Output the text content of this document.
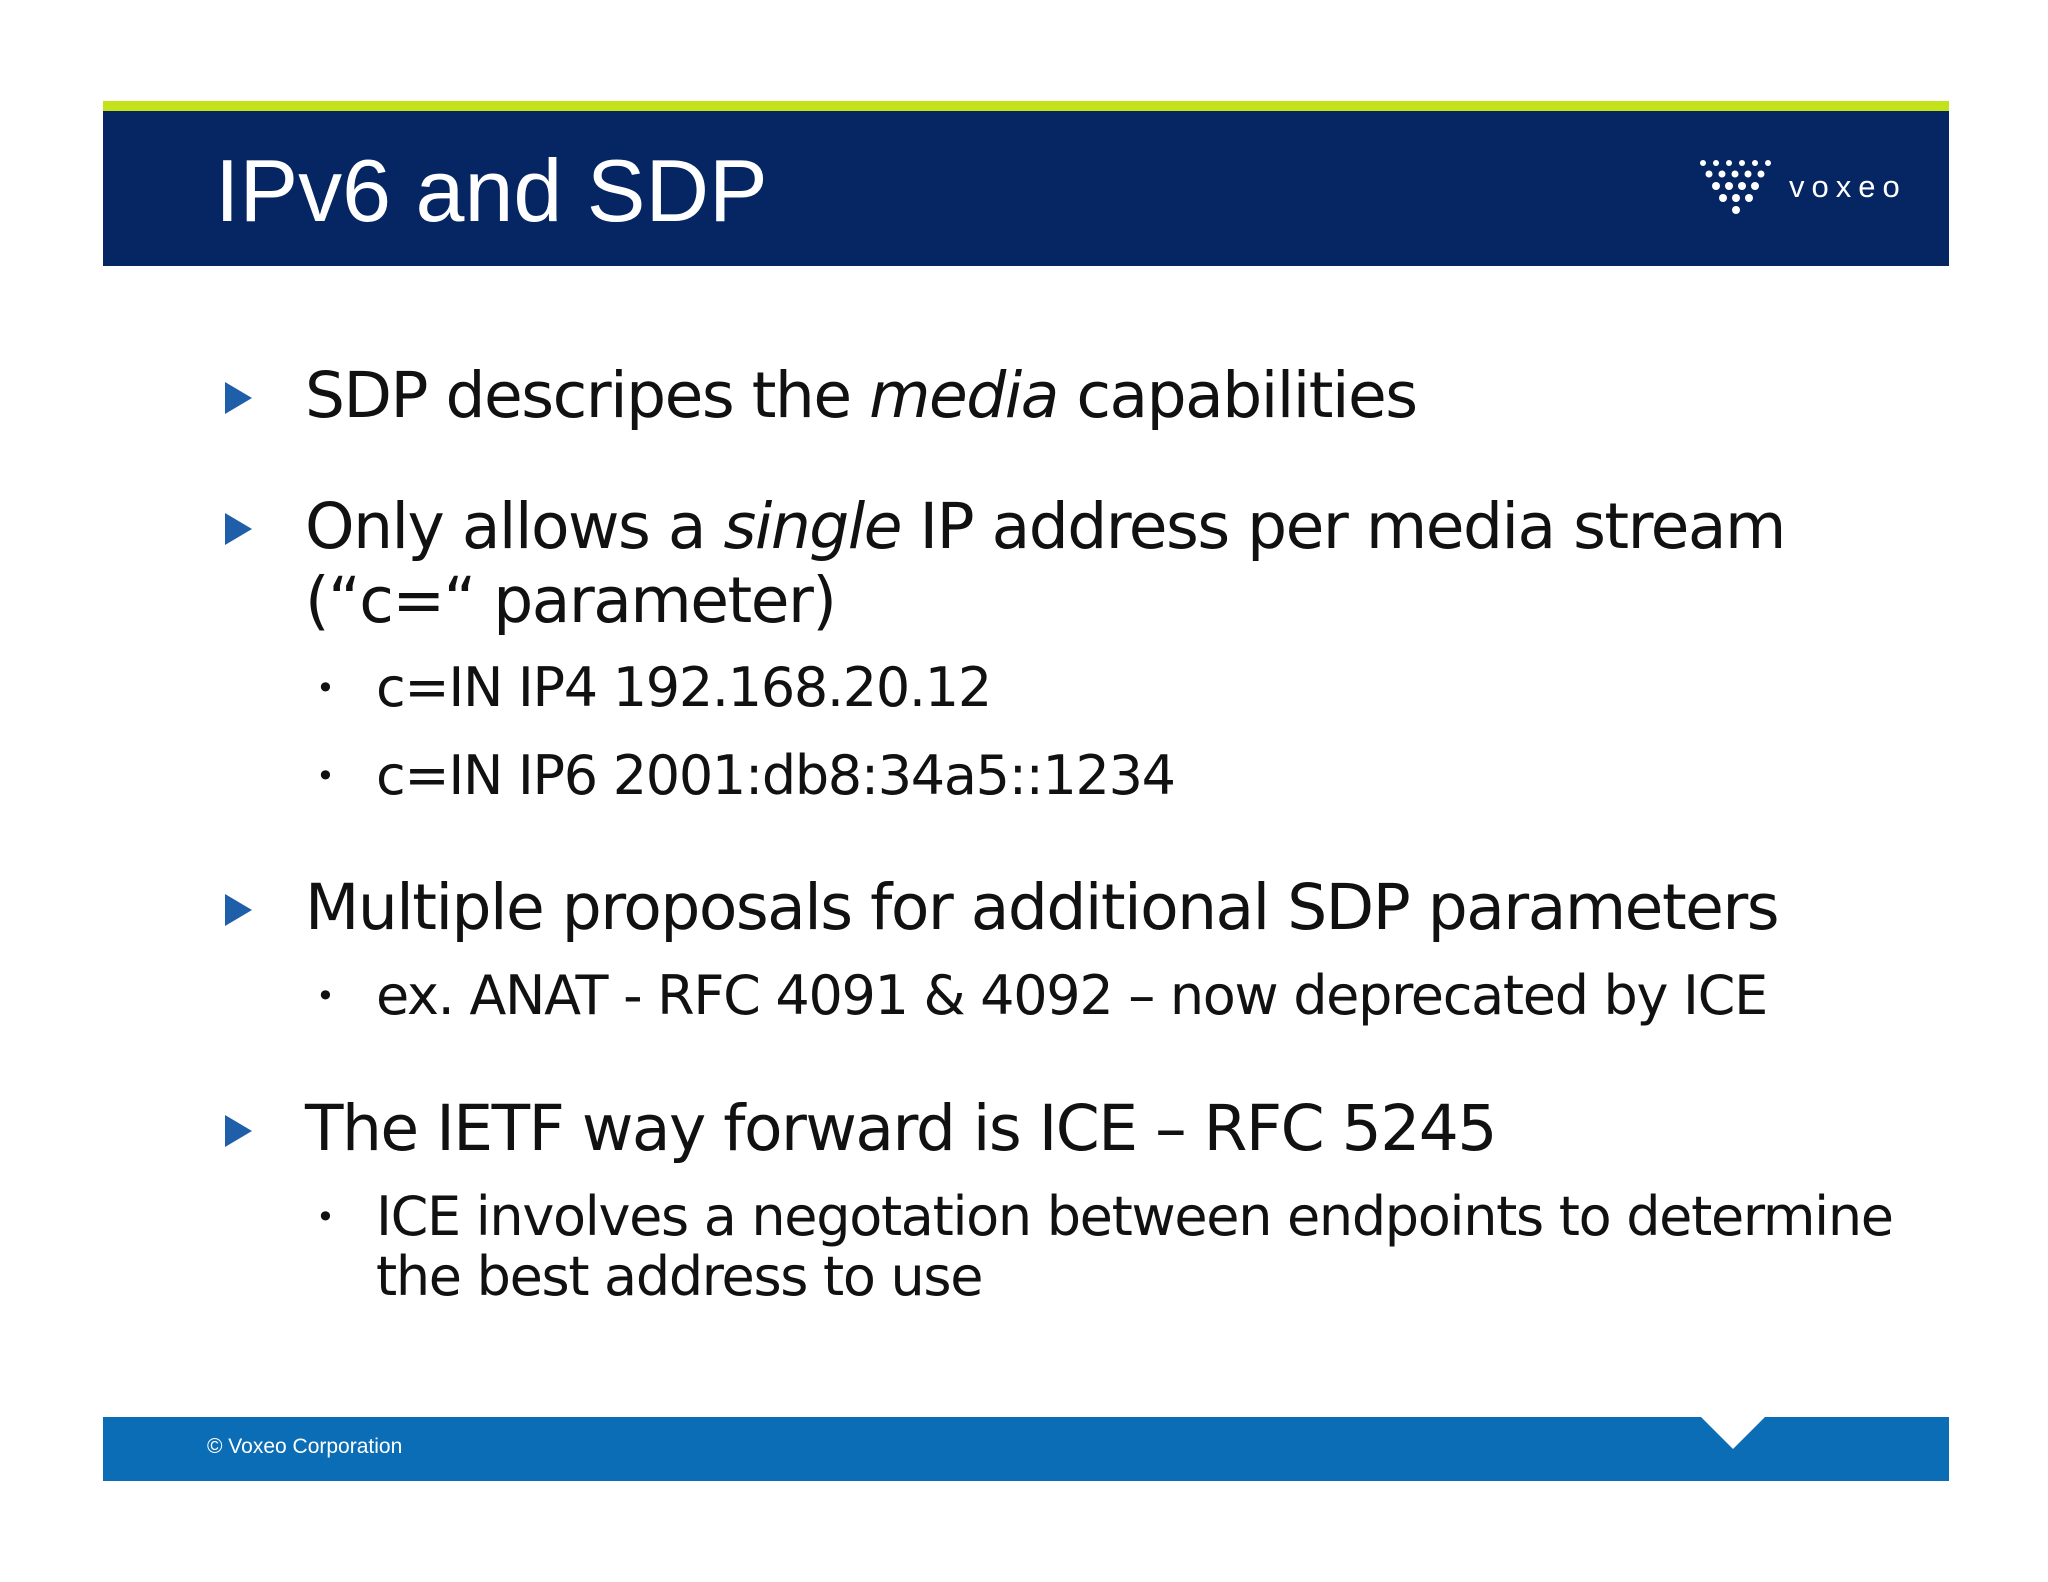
IPv6 and SDP	voxeo
SDP descripes the media capabilities
Only allows a single IP address per media stream
(“c=“ parameter)
• c=IN IP4 192.168.20.12
• c=IN IP6 2001:db8:34a5::1234
Multiple proposals for additional SDP parameters
• ex. ANAT - RFC 4091 & 4092 – now deprecated by ICE
The IETF way forward is ICE – RFC 5245
• ICE involves a negotation between endpoints to determine
the best address to use
© Voxeo Corporation
